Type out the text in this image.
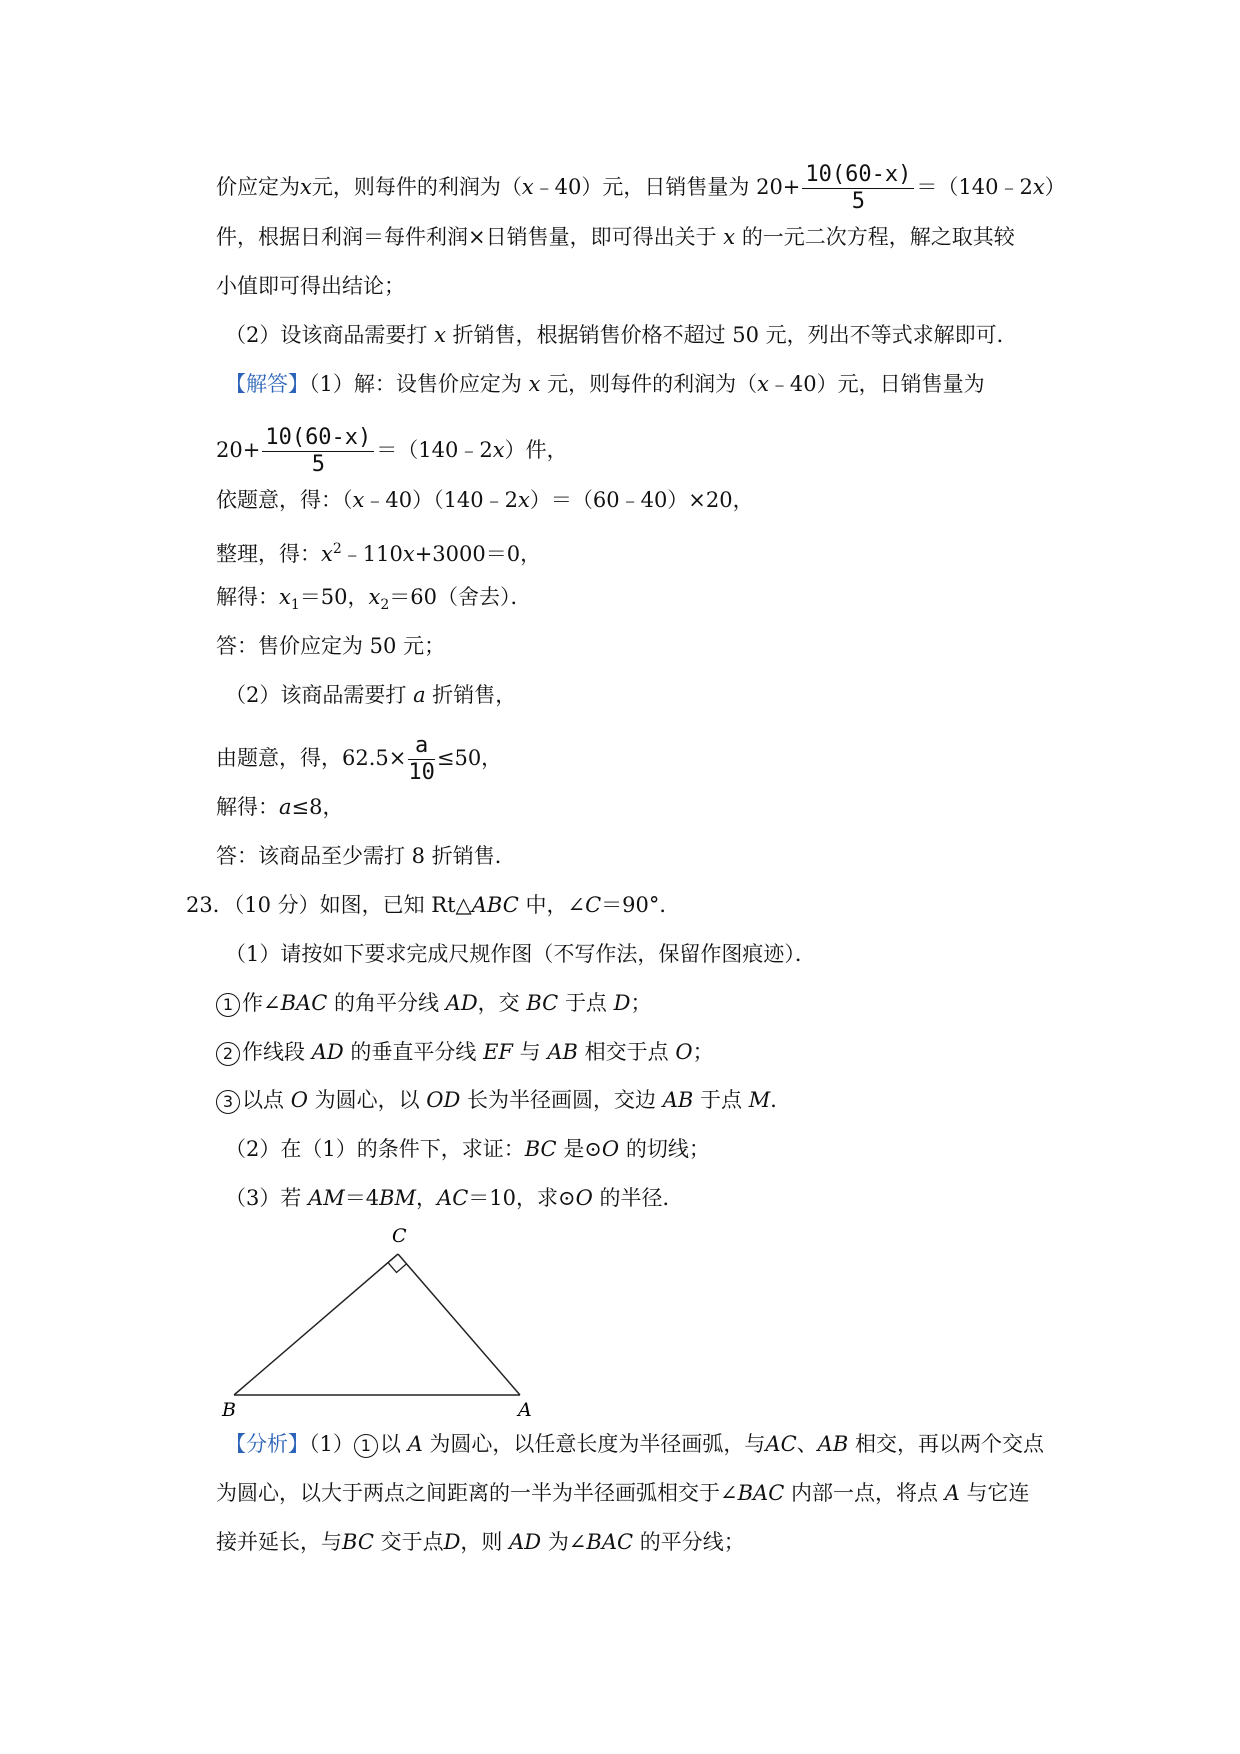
价应定为x元，则每件的利润为（x﹣40）元，日销售量为 $20+ \frac{10(60-x)}{5}$ ＝（140﹣2x）
件，根据日利润＝每件利润×日销售量，即可得出关于 x 的一元二次方程，解之取其较
小值即可得出结论；
（2）设该商品需要打 x 折销售，根据销售价格不超过 50 元，列出不等式求解即可．
【解答】（1）解：设售价应定为 x 元，则每件的利润为（x﹣40）元，日销售量为
$20+ \frac{10(60-x)}{5}$ ＝（140﹣2x）件，
依题意，得：（x﹣40）（140﹣2x）＝（60﹣40）×20，
整理，得：$x^2﹣110x+3000=0$，
解得：$x_1=50$，$x_2=60$（舍去）．
答：售价应定为 50 元；
（2）该商品需要打 a 折销售，
由题意，得，$62.5\times \frac{a}{10} \le 50$，
解得：a≤8，
答：该商品至少需打 8 折销售．
23．（10 分）如图，已知 Rt△ABC 中，∠C＝90°．
（1）请按如下要求完成尺规作图（不写作法，保留作图痕迹）．
1 作∠BAC 的角平分线 AD，交 BC 于点 D；
2 作线段 AD 的垂直平分线 EF 与 AB 相交于点 O；
3 以点 O 为圆心，以 OD 长为半径画圆，交边 AB 于点 M．
（2）在（1）的条件下，求证：BC 是⊙O 的切线；
（3）若 AM＝4BM，AC＝10，求⊙O 的半径．
C
B	A
【分析】（1） 1 以 A 为圆心，以任意长度为半径画弧，与AC、AB 相交，再以两个交点
为圆心，以大于两点之间距离的一半为半径画弧相交于∠BAC 内部一点，将点 A 与它连
接并延长，与BC 交于点D，则 AD 为∠BAC 的平分线；
